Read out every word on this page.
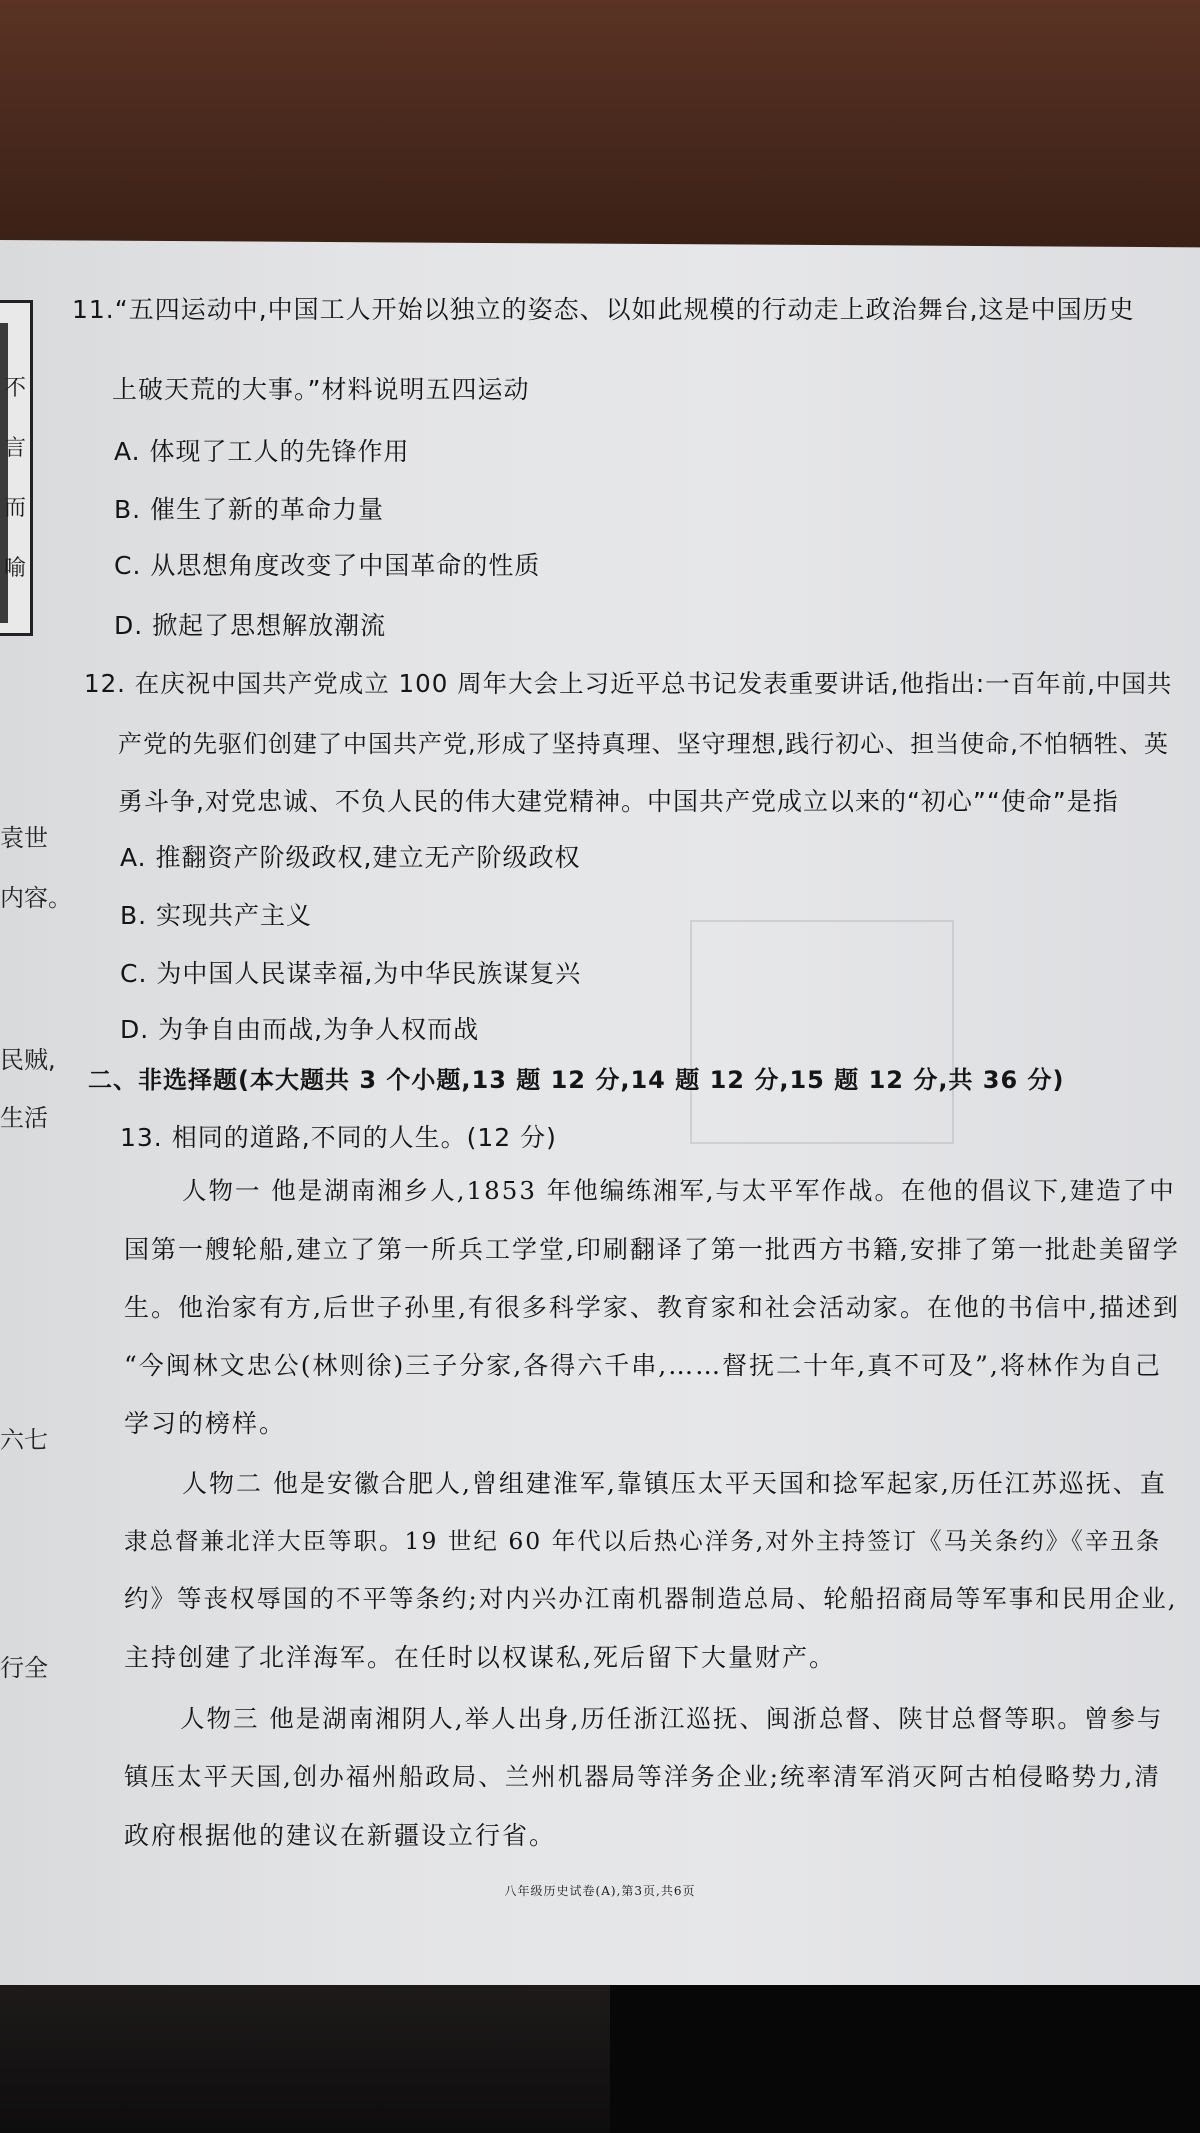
不
言
而
喻
袁世
内容。
民贼,
生活
六七
行全
11.“五四运动中,中国工人开始以独立的姿态、以如此规模的行动走上政治舞台,这是中国历史
上破天荒的大事。”材料说明五四运动
A. 体现了工人的先锋作用
B. 催生了新的革命力量
C. 从思想角度改变了中国革命的性质
D. 掀起了思想解放潮流
12. 在庆祝中国共产党成立 100 周年大会上习近平总书记发表重要讲话,他指出:一百年前,中国共
产党的先驱们创建了中国共产党,形成了坚持真理、坚守理想,践行初心、担当使命,不怕牺牲、英
勇斗争,对党忠诚、不负人民的伟大建党精神。中国共产党成立以来的“初心”“使命”是指
A. 推翻资产阶级政权,建立无产阶级政权
B. 实现共产主义
C. 为中国人民谋幸福,为中华民族谋复兴
D. 为争自由而战,为争人权而战
二、非选择题(本大题共 3 个小题,13 题 12 分,14 题 12 分,15 题 12 分,共 36 分)
13. 相同的道路,不同的人生。(12 分)
人物一 他是湖南湘乡人,1853 年他编练湘军,与太平军作战。在他的倡议下,建造了中
国第一艘轮船,建立了第一所兵工学堂,印刷翻译了第一批西方书籍,安排了第一批赴美留学
生。他治家有方,后世子孙里,有很多科学家、教育家和社会活动家。在他的书信中,描述到
“今闽林文忠公(林则徐)三子分家,各得六千串,……督抚二十年,真不可及”,将林作为自己
学习的榜样。
人物二 他是安徽合肥人,曾组建淮军,靠镇压太平天国和捻军起家,历任江苏巡抚、直
隶总督兼北洋大臣等职。19 世纪 60 年代以后热心洋务,对外主持签订《马关条约》《辛丑条
约》等丧权辱国的不平等条约;对内兴办江南机器制造总局、轮船招商局等军事和民用企业,
主持创建了北洋海军。在任时以权谋私,死后留下大量财产。
人物三 他是湖南湘阴人,举人出身,历任浙江巡抚、闽浙总督、陕甘总督等职。曾参与
镇压太平天国,创办福州船政局、兰州机器局等洋务企业;统率清军消灭阿古柏侵略势力,清
政府根据他的建议在新疆设立行省。
八年级历史试卷(A),第3页,共6页
